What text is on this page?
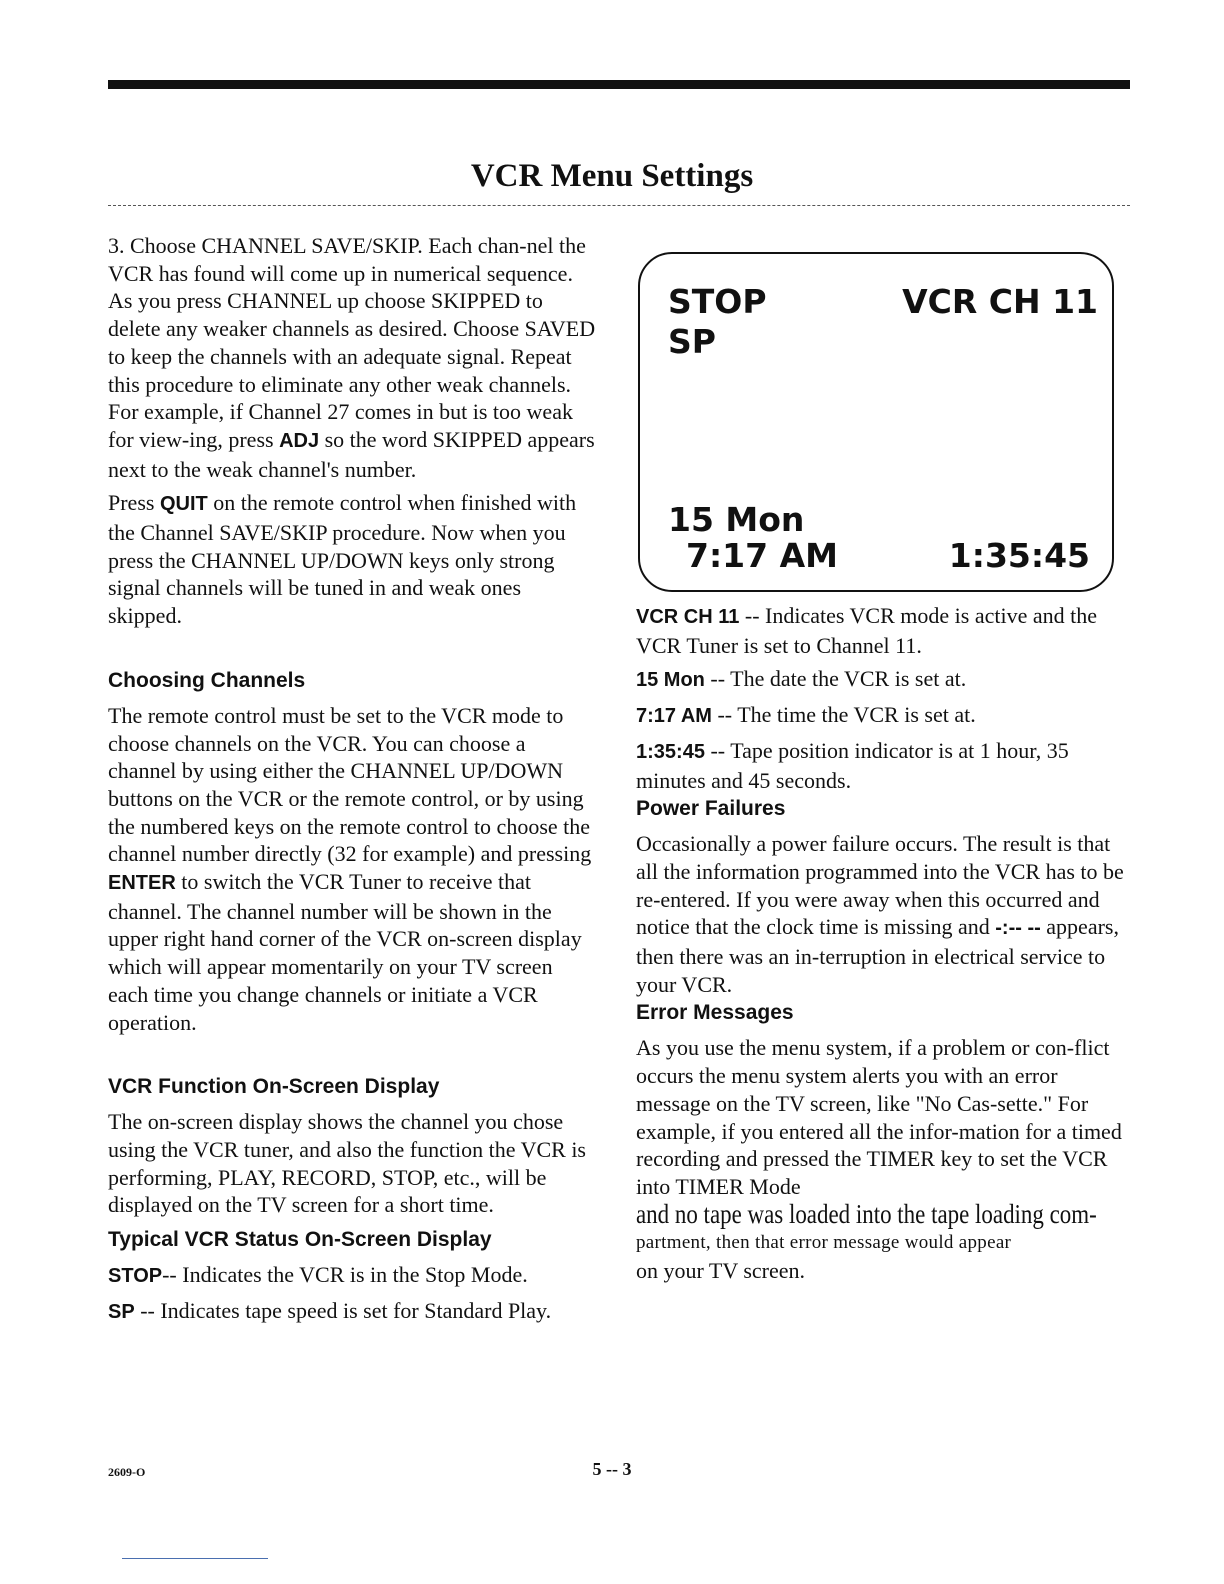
VCR Menu Settings

3. Choose CHANNEL SAVE/SKIP. Each chan-nel the VCR has found will come up in numerical sequence. As you press CHANNEL up choose SKIPPED to delete any weaker channels as desired. Choose SAVED to keep the channels with an adequate signal. Repeat this procedure to eliminate any other weak channels. For example, if Channel 27 comes in but is too weak for view-ing, press ADJ so the word SKIPPED appears next to the weak channel's number.

Press QUIT on the remote control when finished with the Channel SAVE/SKIP procedure. Now when you press the CHANNEL UP/DOWN keys only strong signal channels will be tuned in and weak ones skipped.

Choosing Channels

The remote control must be set to the VCR mode to choose channels on the VCR. You can choose a channel by using either the CHANNEL UP/DOWN buttons on the VCR or the remote control, or by using the numbered keys on the remote control to choose the channel number directly (32 for example) and pressing ENTER to switch the VCR Tuner to receive that channel. The channel number will be shown in the upper right hand corner of the VCR on-screen display which will appear momentarily on your TV screen each time you change channels or initiate a VCR operation.

VCR Function On-Screen Display

The on-screen display shows the channel you chose using the VCR tuner, and also the function the VCR is performing, PLAY, RECORD, STOP, etc., will be displayed on the TV screen for a short time.

Typical VCR Status On-Screen Display

STOP-- Indicates the VCR is in the Stop Mode.

SP -- Indicates tape speed is set for Standard Play.

STOP	VCR CH 11
SP
15 Mon
7:17 AM	1:35:45

VCR CH 11 -- Indicates VCR mode is active and the VCR Tuner is set to Channel 11.

15 Mon -- The date the VCR is set at.

7:17 AM -- The time the VCR is set at.

1:35:45 -- Tape position indicator is at 1 hour, 35 minutes and 45 seconds.

Power Failures

Occasionally a power failure occurs. The result is that all the information programmed into the VCR has to be re-entered. If you were away when this occurred and notice that the clock time is missing and -:-- -- appears, then there was an in-terruption in electrical service to your VCR.

Error Messages

As you use the menu system, if a problem or con-flict occurs the menu system alerts you with an error message on the TV screen, like "No Cas-sette." For example, if you entered all the infor-mation for a timed recording and pressed the TIMER key to set the VCR into TIMER Mode

and no tape was loaded into the tape loading com-

partment, then that error message would appear

on your TV screen.

2609-O	5 -- 3
